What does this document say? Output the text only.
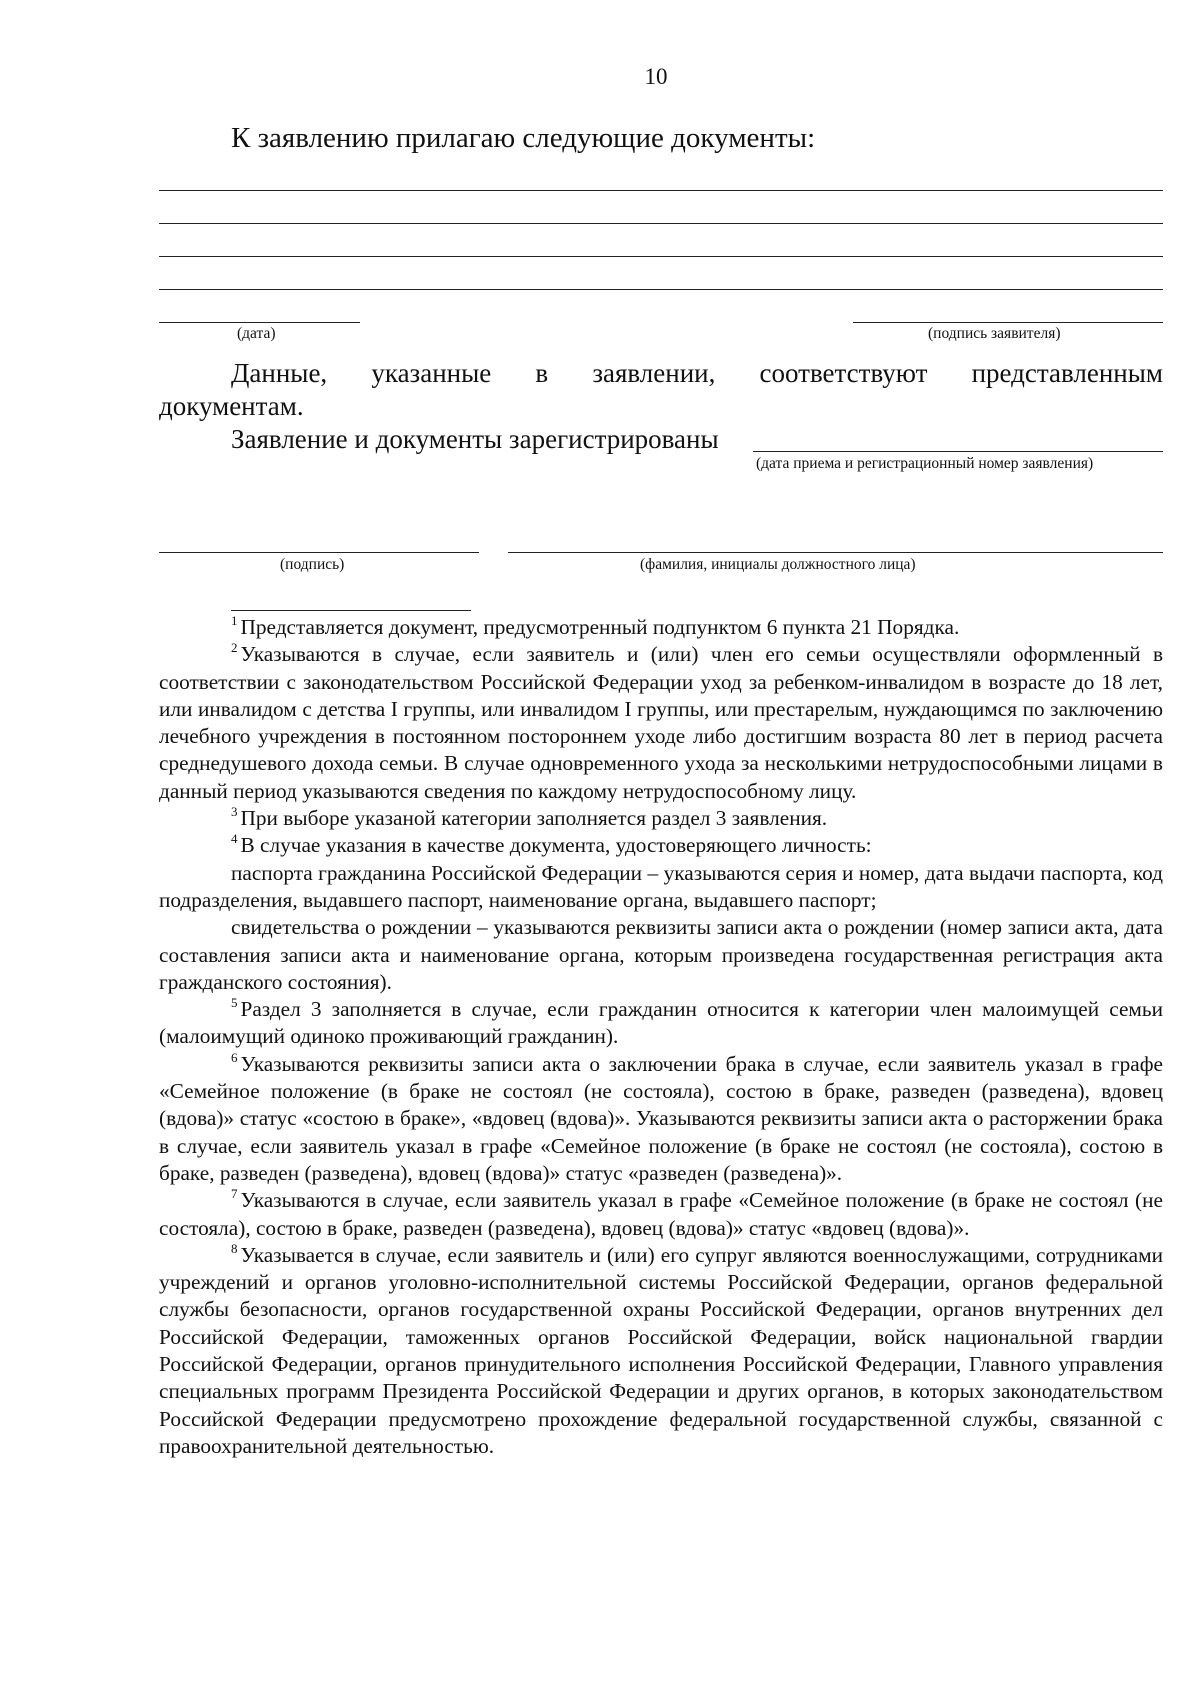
10
К заявлению прилагаю следующие документы:
(дата)	(подпись заявителя)
Данные, указанные в заявлении, соответствуют представленным
документам.
Заявление и документы зарегистрированы
(дата приема и регистрационный номер заявления)
(подпись)	(фамилия, инициалы должностного лица)

$^1$ Представляется документ, предусмотренный подпунктом 6 пункта 21 Порядка.

$^2$ Указываются в случае, если заявитель и (или) член его семьи осуществляли оформленный в соответствии с законодательством Российской Федерации уход за ребенком-инвалидом в возрасте до 18 лет, или инвалидом с детства I группы, или инвалидом I группы, или престарелым, нуждающимся по заключению лечебного учреждения в постоянном постороннем уходе либо достигшим возраста 80 лет в период расчета среднедушевого дохода семьи. В случае одновременного ухода за несколькими нетрудоспособными лицами в данный период указываются сведения по каждому нетрудоспособному лицу.

$^3$ При выборе указаной категории заполняется раздел 3 заявления.

$^4$ В случае указания в качестве документа, удостоверяющего личность:

паспорта гражданина Российской Федерации – указываются серия и номер, дата выдачи паспорта, код подразделения, выдавшего паспорт, наименование органа, выдавшего паспорт;

свидетельства о рождении – указываются реквизиты записи акта о рождении (номер записи акта, дата составления записи акта и наименование органа, которым произведена государственная регистрация акта гражданского состояния).

$^5$ Раздел 3 заполняется в случае, если гражданин относится к категории член малоимущей семьи (малоимущий одиноко проживающий гражданин).

$^6$ Указываются реквизиты записи акта о заключении брака в случае, если заявитель указал в графе «Семейное положение (в браке не состоял (не состояла), состою в браке, разведен (разведена), вдовец (вдова)» статус «состою в браке», «вдовец (вдова)». Указываются реквизиты записи акта о расторжении брака в случае, если заявитель указал в графе «Семейное положение (в браке не состоял (не состояла), состою в браке, разведен (разведена), вдовец (вдова)» статус «разведен (разведена)».

$^7$ Указываются в случае, если заявитель указал в графе «Семейное положение (в браке не состоял (не состояла), состою в браке, разведен (разведена), вдовец (вдова)» статус «вдовец (вдова)».

$^8$ Указывается в случае, если заявитель и (или) его супруг являются военнослужащими, сотрудниками учреждений и органов уголовно-исполнительной системы Российской Федерации, органов федеральной службы безопасности, органов государственной охраны Российской Федерации, органов внутренних дел Российской Федерации, таможенных органов Российской Федерации, войск национальной гвардии Российской Федерации, органов принудительного исполнения Российской Федерации, Главного управления специальных программ Президента Российской Федерации и других органов, в которых законодательством Российской Федерации предусмотрено прохождение федеральной государственной службы, связанной с правоохранительной деятельностью.
